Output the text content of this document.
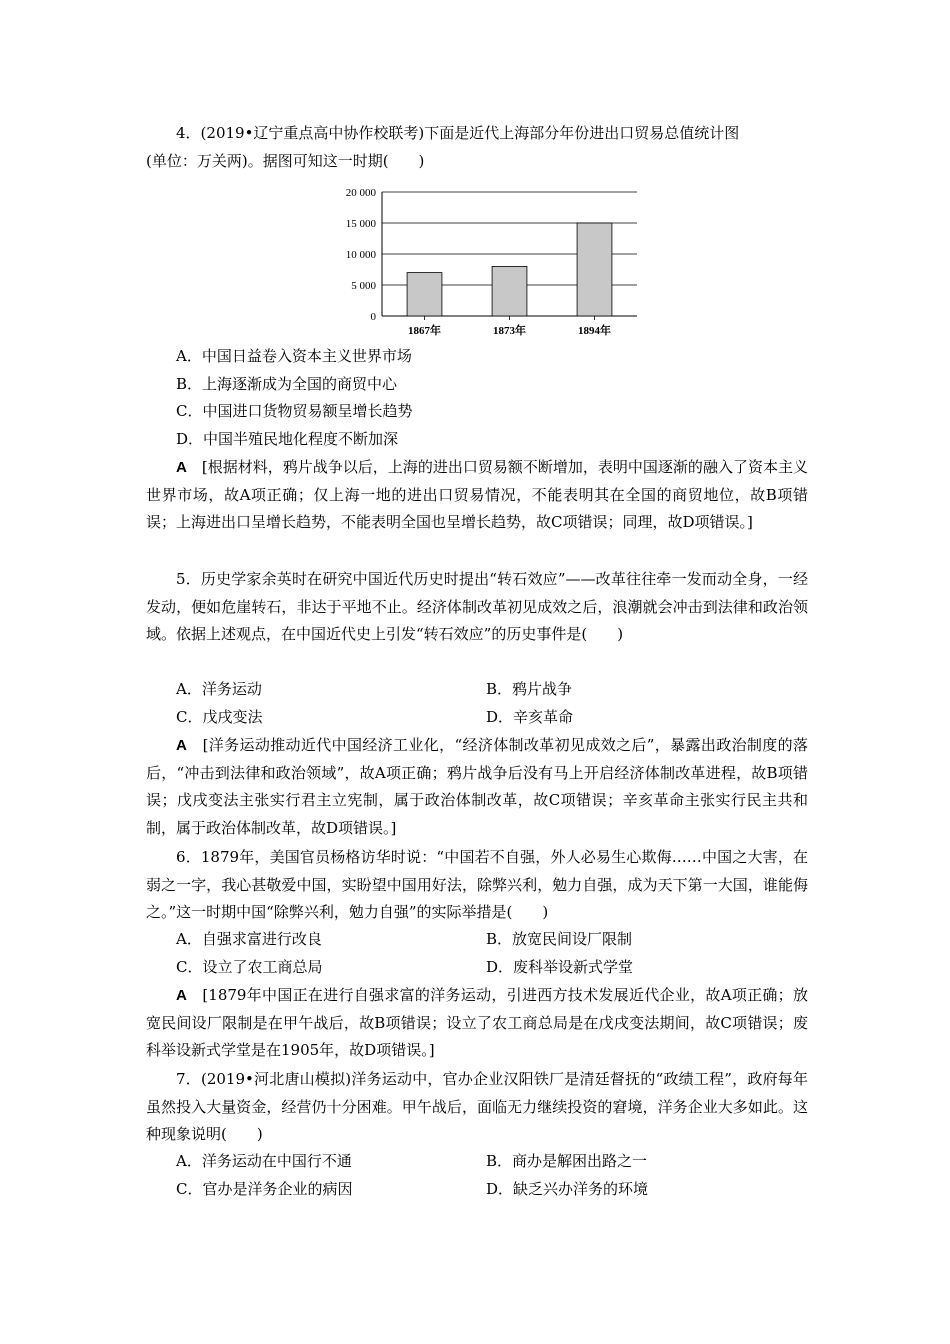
4．(2019•辽宁重点高中协作校联考)下面是近代上海部分年份进出口贸易总值统计图

(单位：万关两)。据图可知这一时期(　　)

0
5 000
10 000
15 000
20 000
1867年	1873年	1894年
A．中国日益卷入资本主义世界市场
B．上海逐渐成为全国的商贸中心
C．中国进口货物贸易额呈增长趋势
D．中国半殖民地化程度不断加深

A　 [根据材料，鸦片战争以后，上海的进出口贸易额不断增加，表明中国逐渐的融入了资本主义世界市场，故A项正确；仅上海一地的进出口贸易情况，不能表明其在全国的商贸地位，故B项错误；上海进出口呈增长趋势，不能表明全国也呈增长趋势，故C项错误；同理，故D项错误。]

5．历史学家余英时在研究中国近代历史时提出“转石效应”——改革往往牵一发而动全身，一经发动，便如危崖转石，非达于平地不止。经济体制改革初见成效之后，浪潮就会冲击到法律和政治领域。依据上述观点，在中国近代史上引发“转石效应”的历史事件是(　　)

A．洋务运动	B．鸦片战争
C．戊戌变法	D．辛亥革命

A　 [洋务运动推动近代中国经济工业化，“经济体制改革初见成效之后”，暴露出政治制度的落后，“冲击到法律和政治领域”，故A项正确；鸦片战争后没有马上开启经济体制改革进程，故B项错误；戊戌变法主张实行君主立宪制，属于政治体制改革，故C项错误；辛亥革命主张实行民主共和制，属于政治体制改革，故D项错误。]

6．1879年，美国官员杨格访华时说：“中国若不自强，外人必易生心欺侮……中国之大害，在弱之一字，我心甚敬爱中国，实盼望中国用好法，除弊兴利，勉力自强，成为天下第一大国，谁能侮之。”这一时期中国“除弊兴利，勉力自强”的实际举措是(　　)

A．自强求富进行改良	B．放宽民间设厂限制
C．设立了农工商总局	D．废科举设新式学堂

A　 [1879年中国正在进行自强求富的洋务运动，引进西方技术发展近代企业，故A项正确；放宽民间设厂限制是在甲午战后，故B项错误；设立了农工商总局是在戊戌变法期间，故C项错误；废科举设新式学堂是在1905年，故D项错误。]

7．(2019•河北唐山模拟)洋务运动中，官办企业汉阳铁厂是清廷督抚的“政绩工程”，政府每年虽然投入大量资金，经营仍十分困难。甲午战后，面临无力继续投资的窘境，洋务企业大多如此。这种现象说明(　　)

A．洋务运动在中国行不通	B．商办是解困出路之一
C．官办是洋务企业的病因	D．缺乏兴办洋务的环境
